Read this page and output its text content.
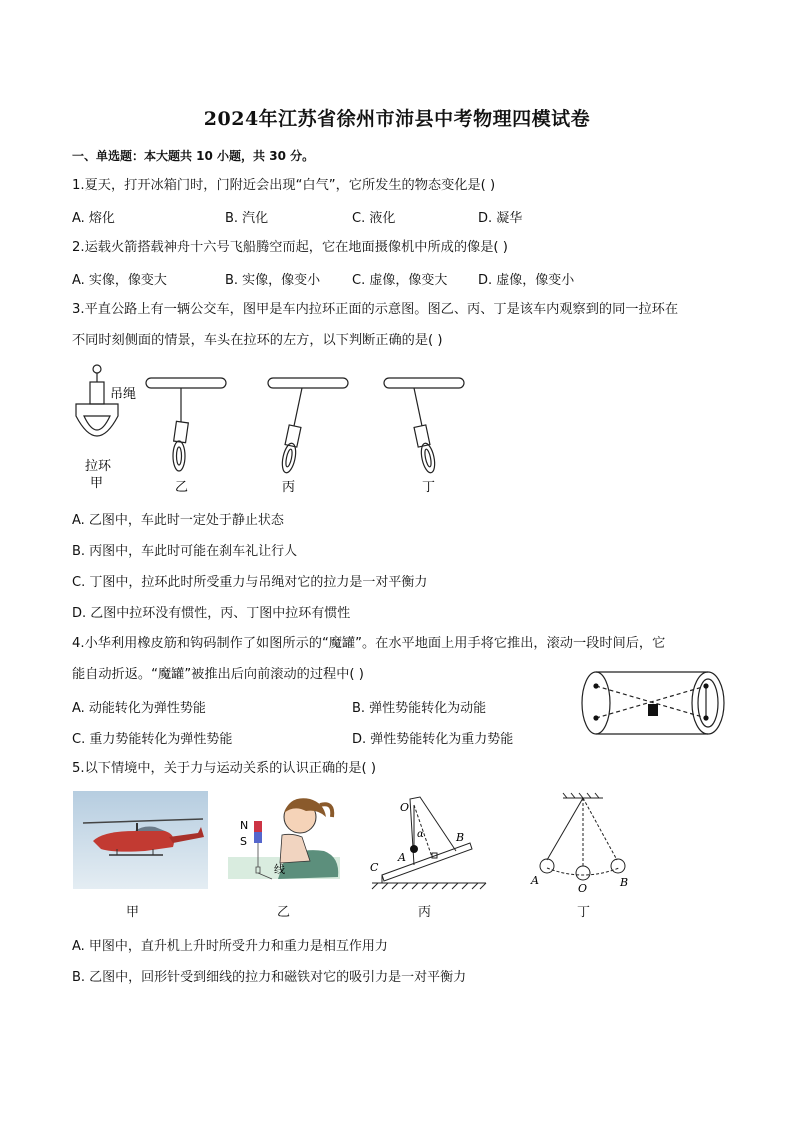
2024年江苏省徐州市沛县中考物理四模试卷
一、单选题：本大题共 10 小题，共 30 分。
1.夏天，打开冰箱门时，门附近会出现“白气”，它所发生的物态变化是( )
A. 熔化	B. 汽化	C. 液化	D. 凝华
2.运载火箭搭载神舟十六号飞船腾空而起，它在地面摄像机中所成的像是( )
A. 实像，像变大	B. 实像，像变小 C. 虚像，像变大 D. 虚像，像变小
3.平直公路上有一辆公交车，图甲是车内拉环正面的示意图。图乙、丙、丁是该车内观察到的同一拉环在
不同时刻侧面的情景，车头在拉环的左方，以下判断正确的是( )
吊绳
拉环
甲	乙	丙	丁
A. 乙图中，车此时一定处于静止状态
B. 丙图中，车此时可能在刹车礼让行人
C. 丁图中，拉环此时所受重力与吊绳对它的拉力是一对平衡力
D. 乙图中拉环没有惯性，丙、丁图中拉环有惯性
4.小华利用橡皮筋和钩码制作了如图所示的“魔罐”。在水平地面上用手将它推出，滚动一段时间后，它
能自动折返。“魔罐”被推出后向前滚动的过程中( )
A. 动能转化为弹性势能	B. 弹性势能转化为动能
C. 重力势能转化为弹性势能	D. 弹性势能转化为重力势能
5.以下情境中，关于力与运动关系的认识正确的是( )
N
S
线
O
α
A
B
C
A
O	B
甲	乙	丙	丁
A. 甲图中，直升机上升时所受升力和重力是相互作用力
B. 乙图中，回形针受到细线的拉力和磁铁对它的吸引力是一对平衡力
